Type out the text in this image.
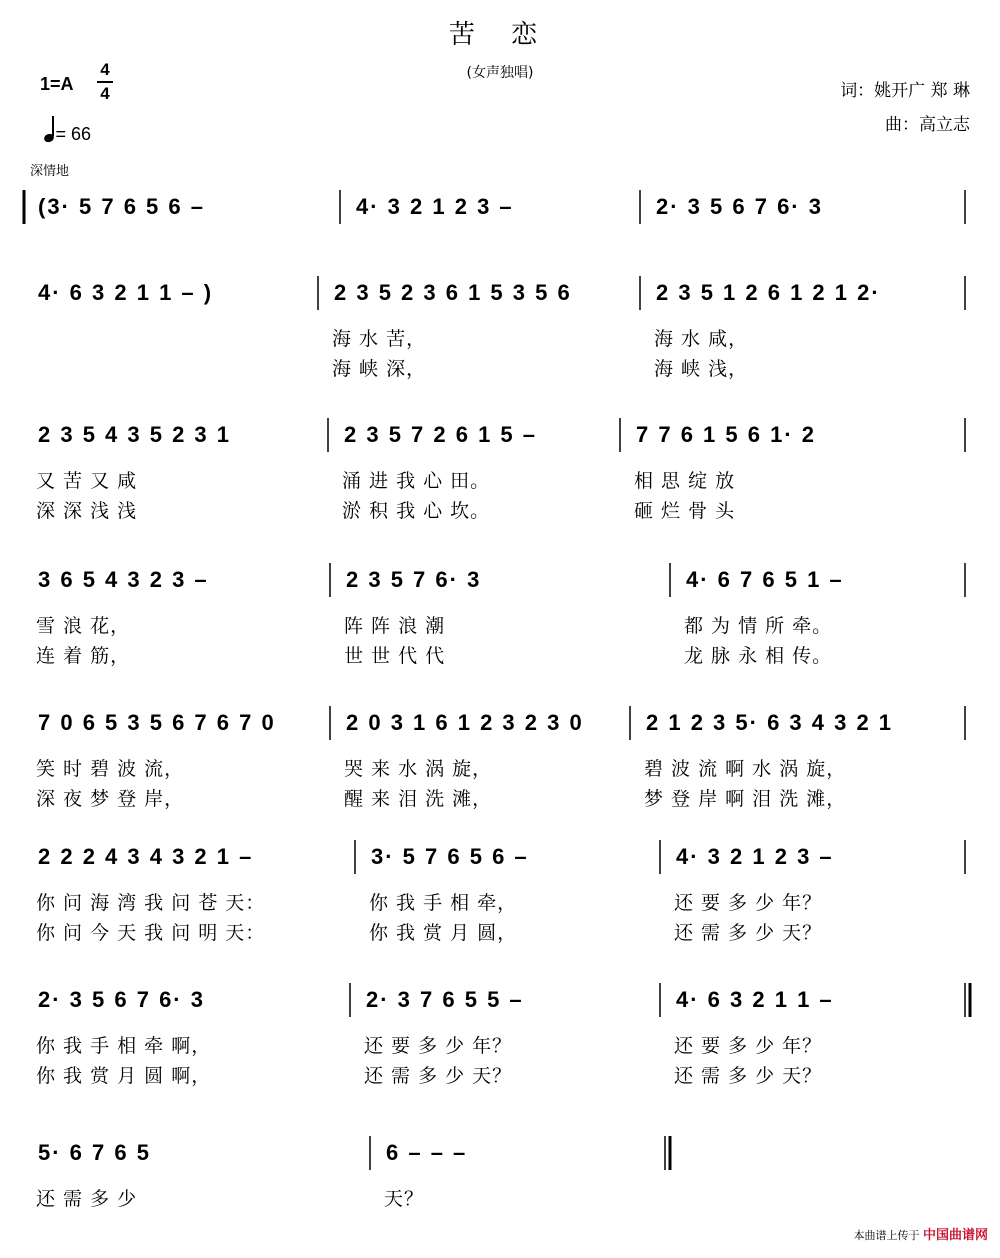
苦 恋
(女声独唱)
1=A
4
4
= 66
深情地
词：姚开广 郑 琳
曲：高立志
(3· 5 7 6 5 6 –	4· 3 2 1 2 3 –	2· 3 5 6 7 6· 3
4· 6 3 2 1 1 – )	2 3 5 2 3 6 1 5 3 5 6	2 3 5 1 2 6 1 2 1 2·
海 水 苦，	海 水 咸，
海 峡 深，	海 峡 浅，
2 3 5 4 3 5 2 3 1	2 3 5 7 2 6 1 5 –	7 7 6 1 5 6 1· 2
又 苦 又 咸	涌 进 我 心 田。	相 思 绽 放
深 深 浅 浅	淤 积 我 心 坎。	砸 烂 骨 头
3 6 5 4 3 2 3 –	2 3 5 7 6· 3	4· 6 7 6 5 1 –
雪 浪 花，	阵 阵 浪 潮	都 为 情 所 牵。
连 着 筋，	世 世 代 代	龙 脉 永 相 传。
7 0 6 5 3 5 6 7 6 7 0	2 0 3 1 6 1 2 3 2 3 0	2 1 2 3 5· 6 3 4 3 2 1
笑 时 碧 波 流，	哭 来 水 涡 旋，	碧 波 流 啊 水 涡 旋，
深 夜 梦 登 岸，	醒 来 泪 洗 滩，	梦 登 岸 啊 泪 洗 滩，
2 2 2 4 3 4 3 2 1 –	3· 5 7 6 5 6 –	4· 3 2 1 2 3 –
你 问 海 湾 我 问 苍 天：	你 我 手 相 牵，	还 要 多 少 年？
你 问 今 天 我 问 明 天：	你 我 赏 月 圆，	还 需 多 少 天？
2· 3 5 6 7 6· 3	2· 3 7 6 5 5 –	4· 6 3 2 1 1 –
你 我 手 相 牵 啊，	还 要 多 少 年？	还 要 多 少 年？
你 我 赏 月 圆 啊，	还 需 多 少 天？	还 需 多 少 天？
5· 6 7 6 5	6 – – –
还 需 多 少	天？
本曲谱上传于 中国曲谱网
